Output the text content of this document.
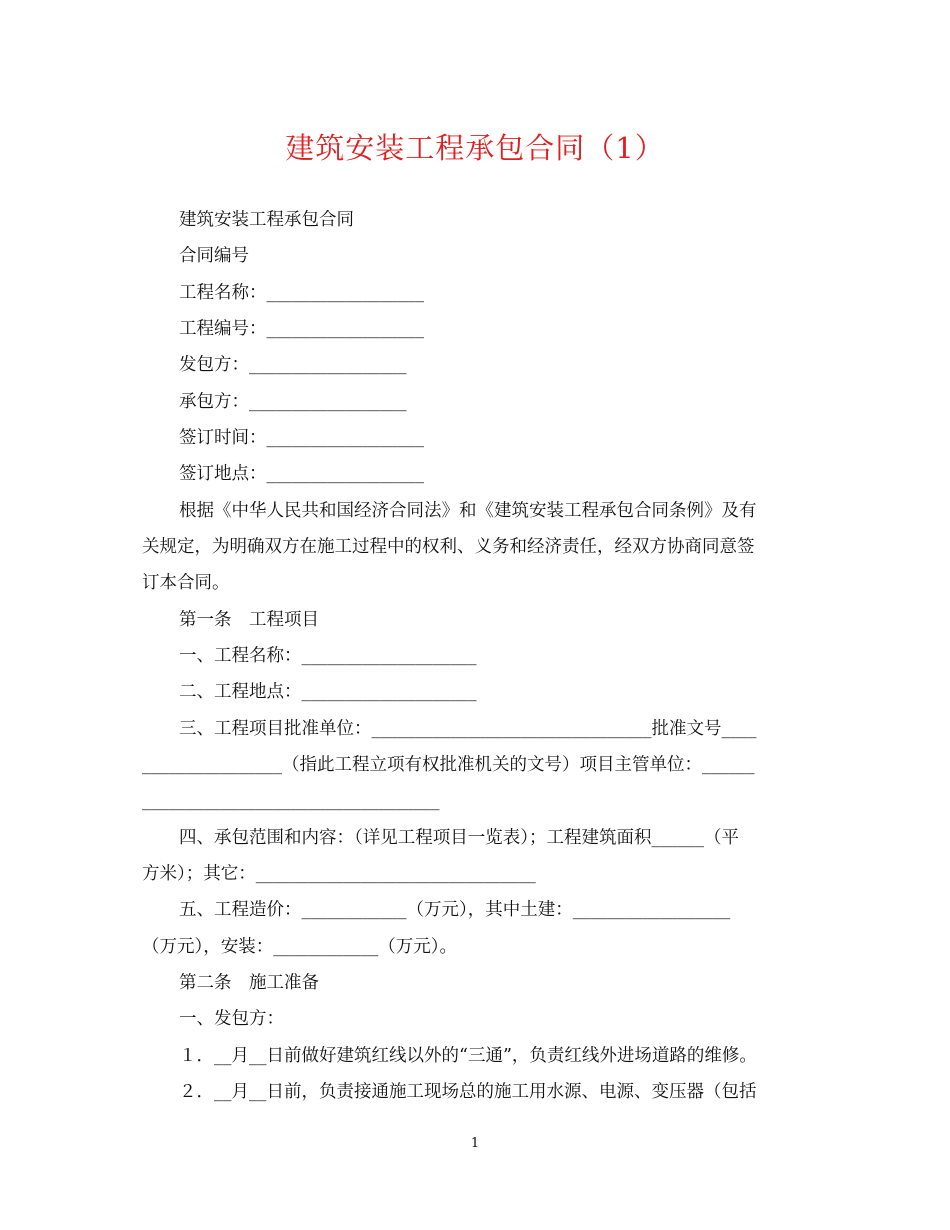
建筑安装工程承包合同（1）
建筑安装工程承包合同
合同编号
工程名称：__________________
工程编号：__________________
发包方：__________________
承包方：__________________
签订时间：__________________
签订地点：__________________
根据《中华人民共和国经济合同法》和《建筑安装工程承包合同条例》及有
关规定，为明确双方在施工过程中的权利、义务和经济责任，经双方协商同意签
订本合同。
第一条　工程项目
一、工程名称：____________________
二、工程地点：____________________
三、工程项目批准单位：________________________________批准文号____
________________（指此工程立项有权批准机关的文号）项目主管单位：______
__________________________________
四、承包范围和内容：（详见工程项目一览表）；工程建筑面积______（平
方米）；其它：________________________________
五、工程造价：____________（万元），其中土建：__________________
（万元），安装：____________（万元）。
第二条　施工准备
一、发包方：
１．__月__日前做好建筑红线以外的“三通”，负责红线外进场道路的维修。
２．__月__日前，负责接通施工现场总的施工用水源、电源、变压器（包括
1
